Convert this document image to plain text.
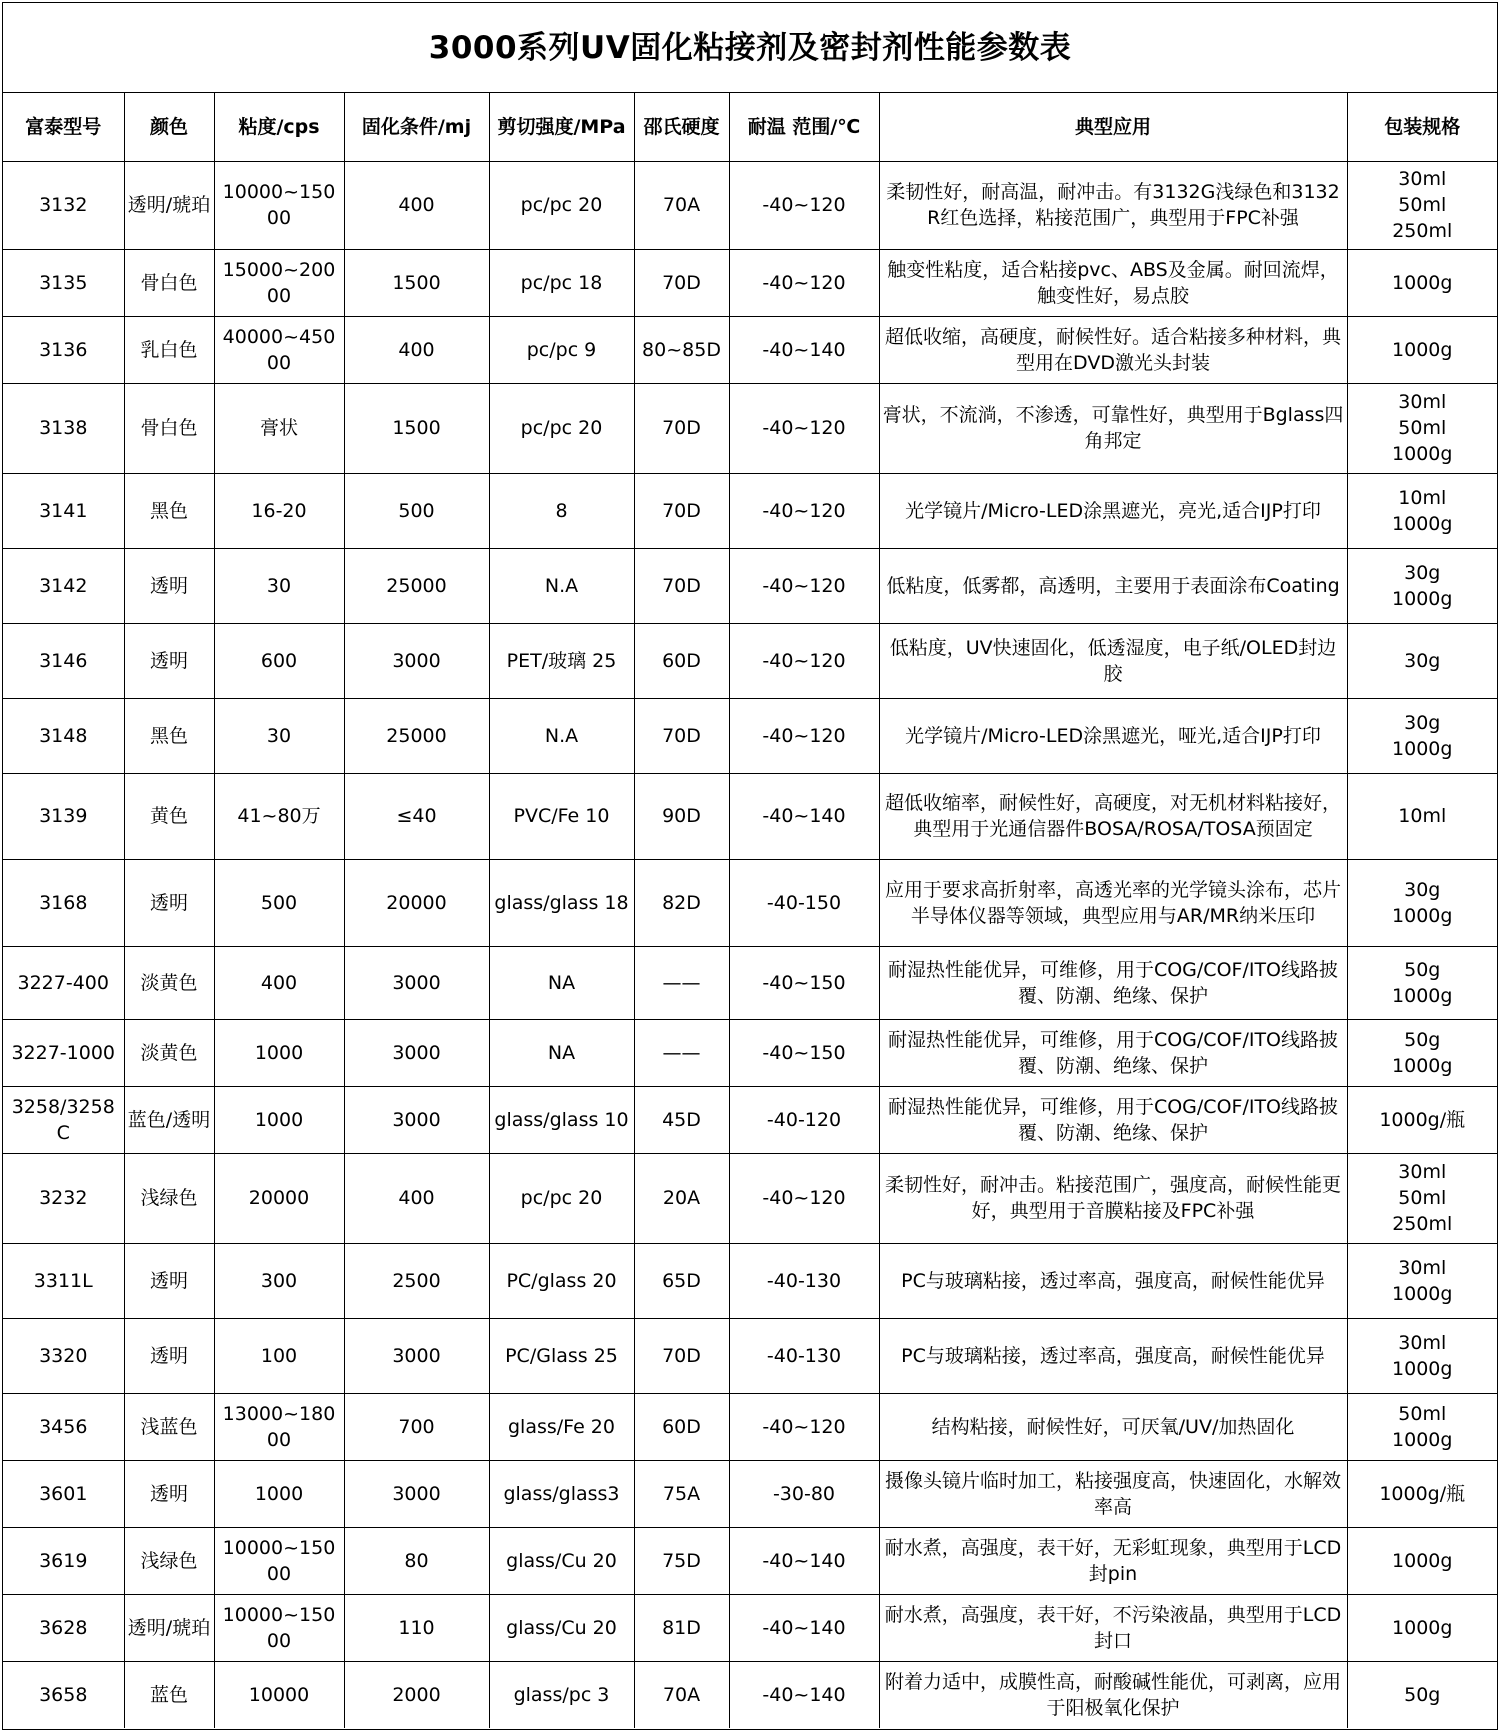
3000系列UV固化粘接剂及密封剂性能参数表
富泰型号	颜色	粘度/cps	固化条件/mj	剪切强度/MPa	邵氏硬度	耐温 范围/℃	典型应用	包装规格
3132	透明/琥珀	10000~15000	400	pc/pc 20	70A	-40~120	柔韧性好，耐高温，耐冲击。有3132G浅绿色和3132R红色选择，粘接范围广，典型用于FPC补强	30ml
50ml
250ml
3135	骨白色	15000~20000	1500	pc/pc 18	70D	-40~120	触变性粘度，适合粘接pvc、ABS及金属。耐回流焊，触变性好，易点胶	1000g
3136	乳白色	40000~45000	400	pc/pc 9	80~85D	-40~140	超低收缩，高硬度，耐候性好。适合粘接多种材料，典型用在DVD激光头封装	1000g
3138	骨白色	膏状	1500	pc/pc 20	70D	-40~120	膏状，不流淌，不渗透，可靠性好，典型用于Bglass四角邦定	30ml
50ml
1000g
3141	黑色	16-20	500	8	70D	-40~120	光学镜片/Micro-LED涂黑遮光，亮光,适合IJP打印	10ml
1000g
3142	透明	30	25000	N.A	70D	-40~120	低粘度，低雾都，高透明，主要用于表面涂布Coating	30g
1000g
3146	透明	600	3000	PET/玻璃 25	60D	-40~120	低粘度，UV快速固化，低透湿度，电子纸/OLED封边胶	30g
3148	黑色	30	25000	N.A	70D	-40~120	光学镜片/Micro-LED涂黑遮光，哑光,适合IJP打印	30g
1000g
3139	黄色	41~80万	≤40	PVC/Fe 10	90D	-40~140	超低收缩率，耐候性好，高硬度，对无机材料粘接好，典型用于光通信器件BOSA/ROSA/TOSA预固定	10ml
3168	透明	500	20000	glass/glass 18	82D	-40-150	应用于要求高折射率，高透光率的光学镜头涂布，芯片半导体仪器等领域，典型应用与AR/MR纳米压印	30g
1000g
3227-400	淡黄色	400	3000	NA	——	-40~150	耐湿热性能优异，可维修，用于COG/COF/ITO线路披覆、防潮、绝缘、保护	50g
1000g
3227-1000	淡黄色	1000	3000	NA	——	-40~150	耐湿热性能优异，可维修，用于COG/COF/ITO线路披覆、防潮、绝缘、保护	50g
1000g
3258/3258C	蓝色/透明	1000	3000	glass/glass 10	45D	-40-120	耐湿热性能优异，可维修，用于COG/COF/ITO线路披覆、防潮、绝缘、保护	1000g/瓶
3232	浅绿色	20000	400	pc/pc 20	20A	-40~120	柔韧性好，耐冲击。粘接范围广，强度高，耐候性能更好，典型用于音膜粘接及FPC补强	30ml
50ml
250ml
3311L	透明	300	2500	PC/glass 20	65D	-40-130	PC与玻璃粘接，透过率高，强度高，耐候性能优异	30ml
1000g
3320	透明	100	3000	PC/Glass 25	70D	-40-130	PC与玻璃粘接，透过率高，强度高，耐候性能优异	30ml
1000g
3456	浅蓝色	13000~18000	700	glass/Fe 20	60D	-40~120	结构粘接，耐候性好，可厌氧/UV/加热固化	50ml
1000g
3601	透明	1000	3000	glass/glass3	75A	-30-80	摄像头镜片临时加工，粘接强度高，快速固化，水解效率高	1000g/瓶
3619	浅绿色	10000~15000	80	glass/Cu 20	75D	-40~140	耐水煮，高强度，表干好，无彩虹现象，典型用于LCD封pin	1000g
3628	透明/琥珀	10000~15000	110	glass/Cu 20	81D	-40~140	耐水煮，高强度，表干好，不污染液晶，典型用于LCD封口	1000g
3658	蓝色	10000	2000	glass/pc 3	70A	-40~140	附着力适中，成膜性高，耐酸碱性能优，可剥离，应用于阳极氧化保护	50g
